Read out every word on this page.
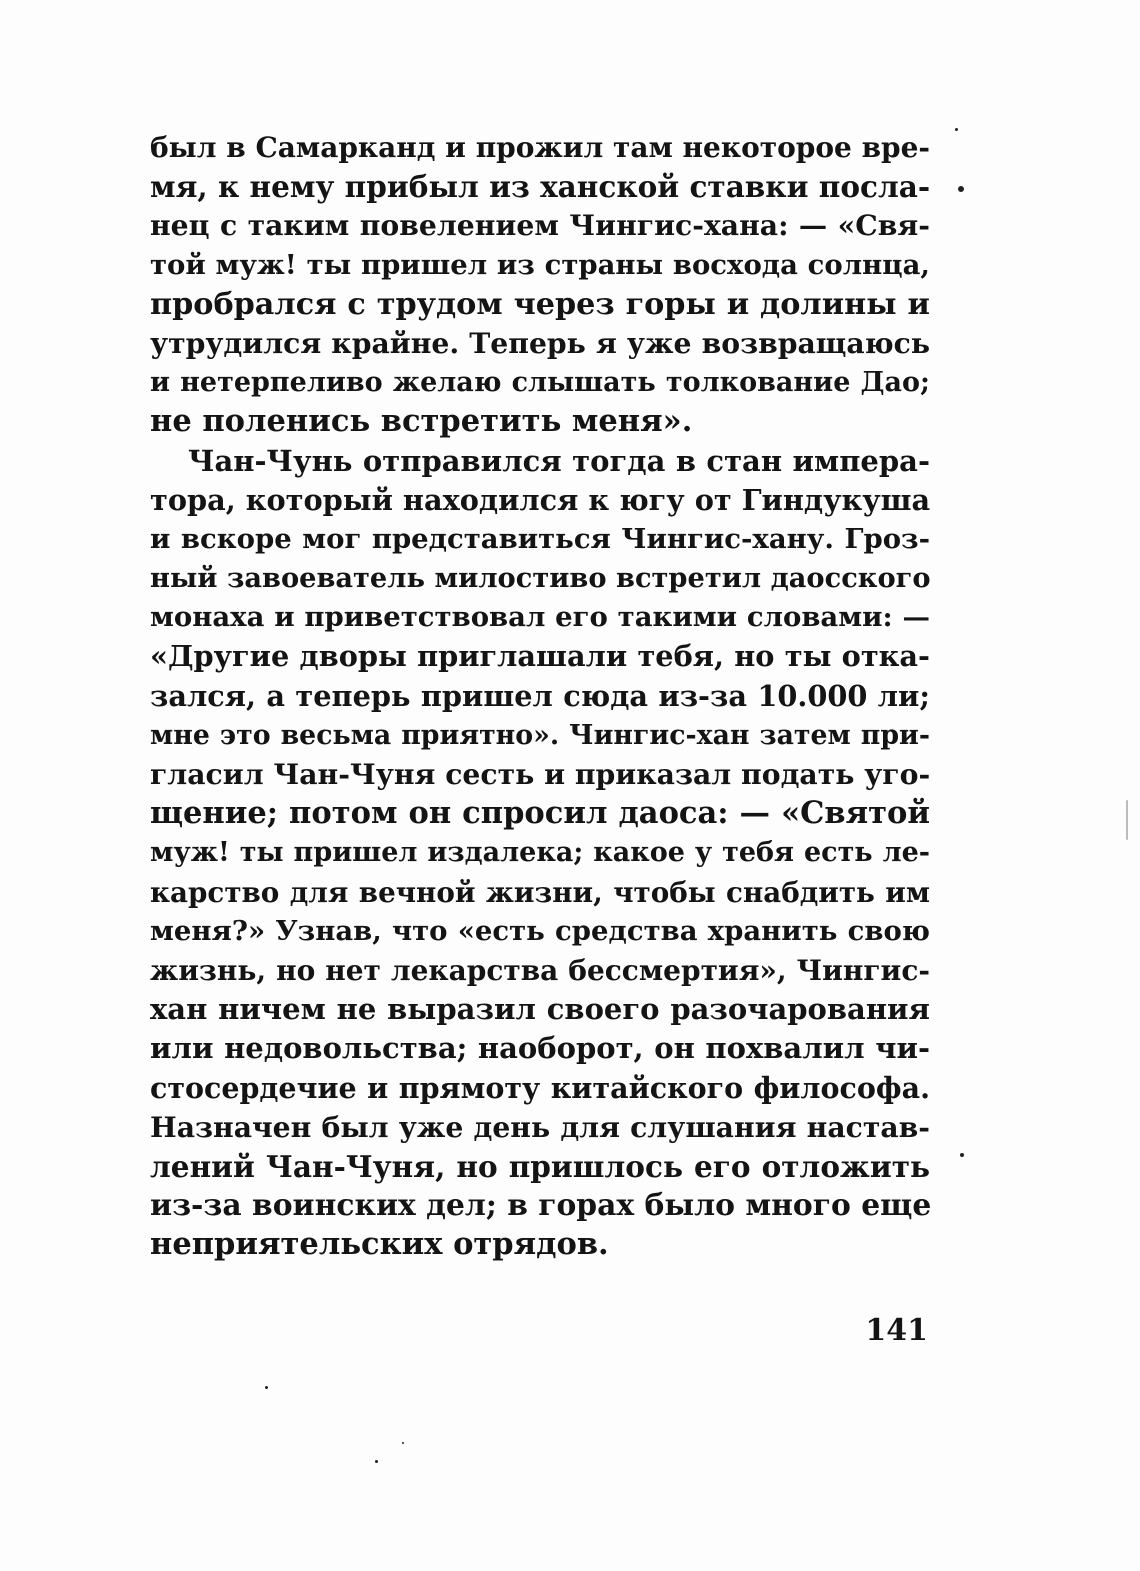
был в Самарканд и прожил там некоторое вре-
мя, к нему прибыл из ханской ставки посла-
нец с таким повелением Чингис-хана: — «Свя-
той муж! ты пришел из страны восхода солнца,
пробрался с трудом через горы и долины и
утрудился крайне. Теперь я уже возвращаюсь
и нетерпеливо желаю слышать толкование Дао;
не поленись встретить меня».
Чан-Чунь отправился тогда в стан импера-
тора, который находился к югу от Гиндукуша
и вскоре мог представиться Чингис-хану. Гроз-
ный завоеватель милостиво встретил даосского
монаха и приветствовал его такими словами: —
«Другие дворы приглашали тебя, но ты отка-
зался, а теперь пришел сюда из-за 10.000 ли;
мне это весьма приятно». Чингис-хан затем при-
гласил Чан-Чуня сесть и приказал подать уго-
щение; потом он спросил даоса: — «Святой
муж! ты пришел издалека; какое у тебя есть ле-
карство для вечной жизни, чтобы снабдить им
меня?» Узнав, что «есть средства хранить свою
жизнь, но нет лекарства бессмертия», Чингис-
хан ничем не выразил своего разочарования
или недовольства; наоборот, он похвалил чи-
стосердечие и прямоту китайского философа.
Назначен был уже день для слушания настав-
лений Чан-Чуня, но пришлось его отложить
из-за воинских дел; в горах было много еще
неприятельских отрядов.
141
